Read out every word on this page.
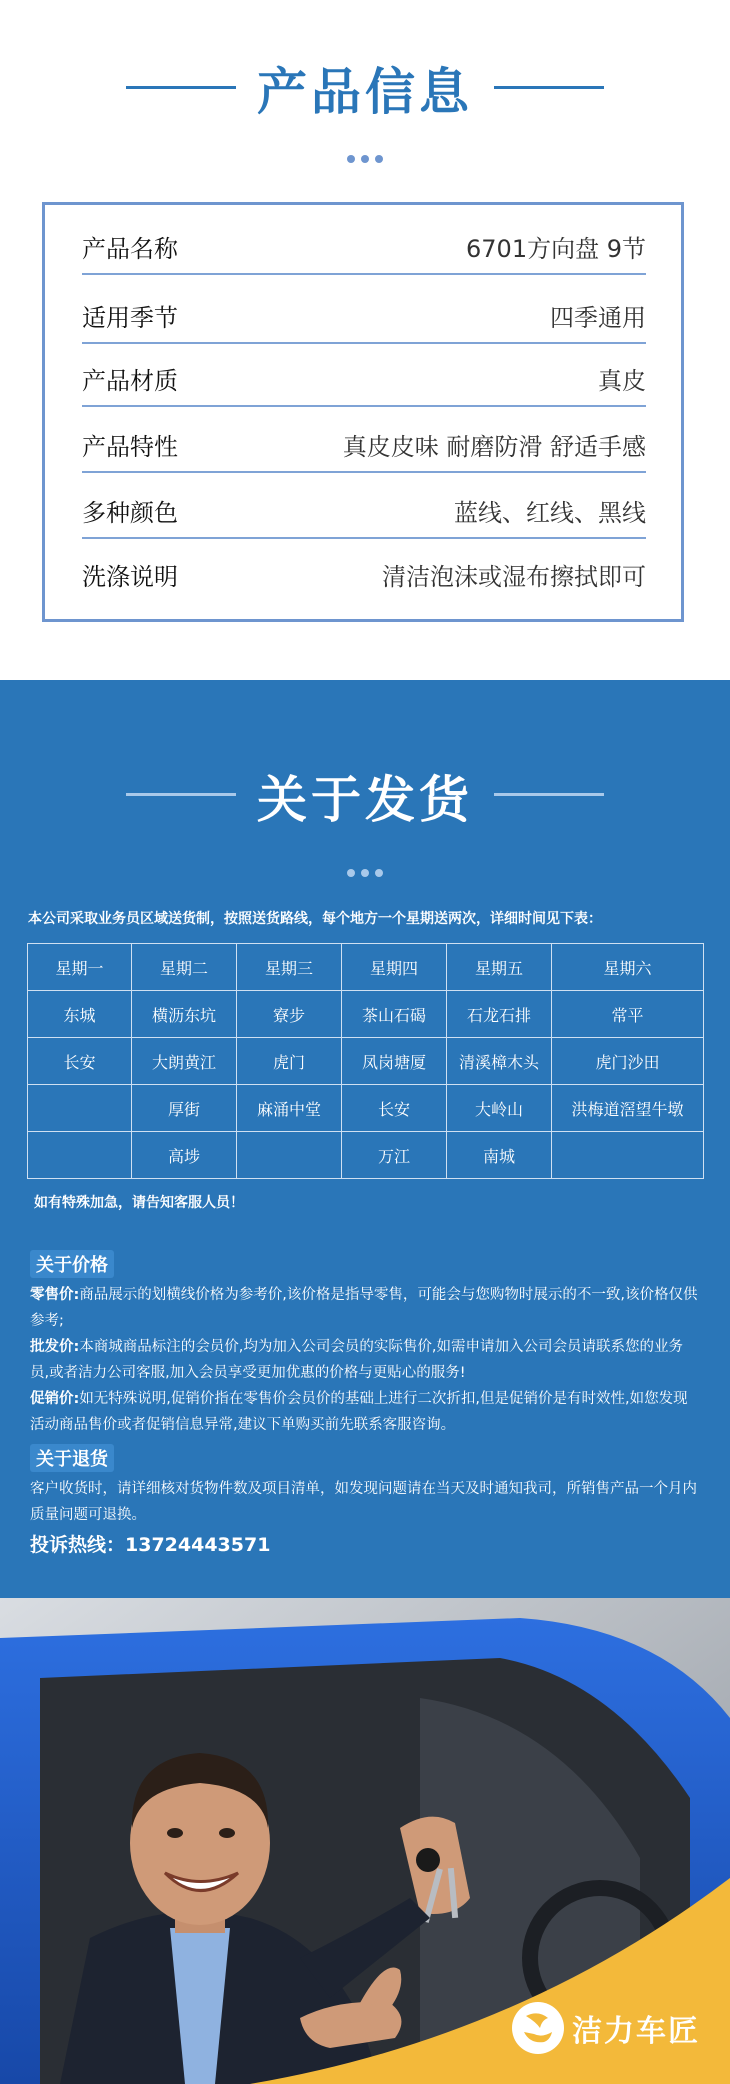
产品信息
产品名称	6701方向盘 9节
适用季节	四季通用
产品材质	真皮
产品特性	真皮皮味 耐磨防滑 舒适手感
多种颜色	蓝线、红线、黑线
洗涤说明	清洁泡沫或湿布擦拭即可
关于发货
本公司采取业务员区域送货制，按照送货路线，每个地方一个星期送两次，详细时间见下表：
星期一	星期二	星期三	星期四	星期五	星期六
东城	横沥东坑	寮步	茶山石碣	石龙石排	常平
长安	大朗黄江	虎门	凤岗塘厦	清溪樟木头	虎门沙田
	厚街	麻涌中堂	长安	大岭山	洪梅道滘望牛墩
	高埗		万江	南城	
如有特殊加急，请告知客服人员！
关于价格
零售价:商品展示的划横线价格为参考价,该价格是指导零售，可能会与您购物时展示的不一致,该价格仅供参考;
批发价:本商城商品标注的会员价,均为加入公司会员的实际售价,如需申请加入公司会员请联系您的业务员,或者洁力公司客服,加入会员享受更加优惠的价格与更贴心的服务!
促销价:如无特殊说明,促销价指在零售价会员价的基础上进行二次折扣,但是促销价是有时效性,如您发现活动商品售价或者促销信息异常,建议下单购买前先联系客服咨询。
关于退货
客户收货时，请详细核对货物件数及项目清单，如发现问题请在当天及时通知我司，所销售产品一个月内质量问题可退换。
投诉热线：13724443571
洁力车匠
